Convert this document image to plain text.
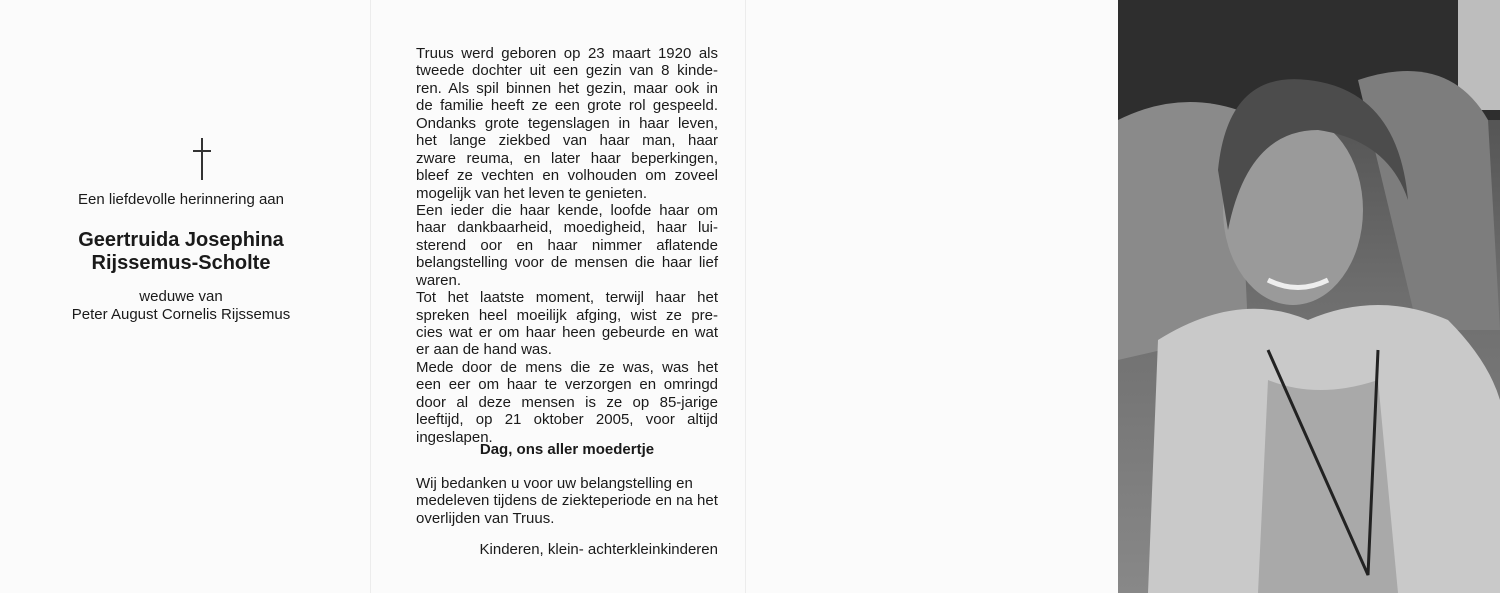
Een liefdevolle herinnering aan
Geertruida Josephina
Rijssemus-Scholte
weduwe van
Peter August Cornelis Rijssemus
Truus werd geboren op 23 maart 1920 als
tweede dochter uit een gezin van 8 kinde-
ren. Als spil binnen het gezin, maar ook in
de familie heeft ze een grote rol gespeeld.
Ondanks grote tegenslagen in haar leven,
het lange ziekbed van haar man, haar
zware reuma, en later haar beperkingen,
bleef ze vechten en volhouden om zoveel
mogelijk van het leven te genieten.
Een ieder die haar kende, loofde haar om
haar dankbaarheid, moedigheid, haar lui-
sterend oor en haar nimmer aflatende
belangstelling voor de mensen die haar lief
waren.
Tot het laatste moment, terwijl haar het
spreken heel moeilijk afging, wist ze pre-
cies wat er om haar heen gebeurde en wat
er aan de hand was.
Mede door de mens die ze was, was het
een eer om haar te verzorgen en omringd
door al deze mensen is ze op 85-jarige
leeftijd, op 21 oktober 2005, voor altijd
ingeslapen.
Dag, ons aller moedertje
Wij bedanken u voor uw belangstelling en medeleven tijdens de ziekteperiode en na het overlijden van Truus.
Kinderen, klein- achterkleinkinderen
